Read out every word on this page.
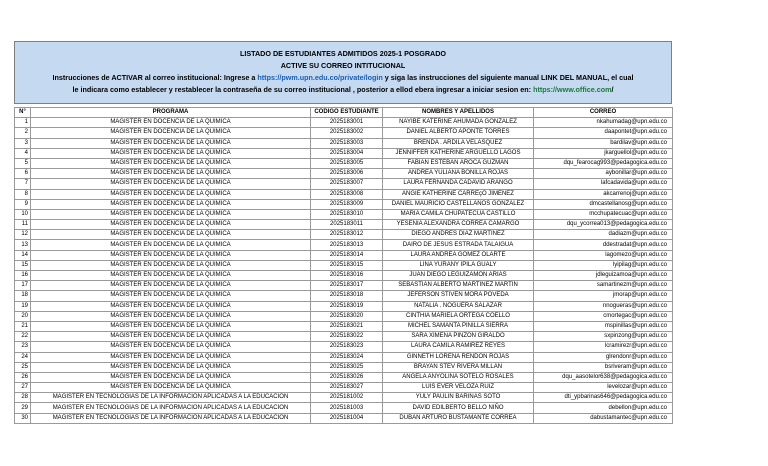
LISTADO DE ESTUDIANTES ADMITIDOS 2025-1 POSGRADO
ACTIVE SU CORREO INTITUCIONAL
Instrucciones de ACTIVAR al correo institucional: Ingrese a https://pwm.upn.edu.co/private/login y siga las instrucciones del siguiente manual LINK DEL MANUAL, el cual
le indicara como establecer y restablecer la contraseña de su correo institucional , posterior a ellod ebera ingresar a iniciar sesion en: https://www.office.com/
N°	PROGRAMA	CÓDIGO ESTUDIANTE	NOMBRES Y APELLIDOS	CORREO
1	MAGISTER EN DOCENCIA DE LA QUIMICA	2025183001	NAYIBE KATERINE AHUMADA GONZALEZ	nkahumadag@upn.edu.co
2	MAGISTER EN DOCENCIA DE LA QUIMICA	2025183002	DANIEL ALBERTO APONTE TORRES	daapontet@upn.edu.co
3	MAGISTER EN DOCENCIA DE LA QUIMICA	2025183003	BRENDA . ARDILA VELASQUEZ	bardilav@upn.edu.co
4	MAGISTER EN DOCENCIA DE LA QUIMICA	2025183004	JENNIFFER KATHERINE ARGUELLO LAGOS	jkarguellol@upn.edu.co
5	MAGISTER EN DOCENCIA DE LA QUIMICA	2025183005	FABIAN ESTEBAN AROCA GUZMAN	dqu_fearocag993@pedagogica.edu.co
6	MAGISTER EN DOCENCIA DE LA QUIMICA	2025183006	ANDREA YULIANA BONILLA ROJAS	aybonillar@upn.edu.co
7	MAGISTER EN DOCENCIA DE LA QUIMICA	2025183007	LAURA FERNANDA CADAVID ARANGO	lafcadavida@upn.edu.co
8	MAGISTER EN DOCENCIA DE LA QUIMICA	2025183008	ANGIE KATHERINE CARREçO JIMENEZ	akcarrenoj@upn.edu.co
9	MAGISTER EN DOCENCIA DE LA QUIMICA	2025183009	DANIEL MAURICIO CASTELLANOS GONZALEZ	dmcastellanosg@upn.edu.co
10	MAGISTER EN DOCENCIA DE LA QUIMICA	2025183010	MARIA CAMILA CHUPATECUA CASTILLO	mcchupatecuac@upn.edu.co
11	MAGISTER EN DOCENCIA DE LA QUIMICA	2025183011	YESENIA ALEXANDRA CORREA CAMARGO	dqu_ycorrea013@pedagogica.edu.co
12	MAGISTER EN DOCENCIA DE LA QUIMICA	2025183012	DIEGO ANDRES DIAZ MARTINEZ	dadiazm@upn.edu.co
13	MAGISTER EN DOCENCIA DE LA QUIMICA	2025183013	DAIRO DE JESUS ESTRADA TALAIGUA	ddestradat@upn.edu.co
14	MAGISTER EN DOCENCIA DE LA QUIMICA	2025183014	LAURA ANDREA GOMEZ OLARTE	lagomezo@upn.edu.co
15	MAGISTER EN DOCENCIA DE LA QUIMICA	2025183015	LINA YURANY IPILA GUALY	lyipilag@upn.edu.co
16	MAGISTER EN DOCENCIA DE LA QUIMICA	2025183016	JUAN DIEGO LEGUIZAMON ARIAS	jdleguizamoa@upn.edu.co
17	MAGISTER EN DOCENCIA DE LA QUIMICA	2025183017	SEBASTIAN ALBERTO MARTINEZ MARTIN	samartinezm@upn.edu.co
18	MAGISTER EN DOCENCIA DE LA QUIMICA	2025183018	JEFERSON STIVEN MORA POVEDA	jmorap@upn.edu.co
19	MAGISTER EN DOCENCIA DE LA QUIMICA	2025183019	NATALIA . NOGUERA SALAZAR	nnogueras@upn.edu.co
20	MAGISTER EN DOCENCIA DE LA QUIMICA	2025183020	CINTHIA MARIELA ORTEGA COELLO	cmortegac@upn.edu.co
21	MAGISTER EN DOCENCIA DE LA QUIMICA	2025183021	MICHEL SAMANTA PINILLA SIERRA	mspinillas@upn.edu.co
22	MAGISTER EN DOCENCIA DE LA QUIMICA	2025183022	SARA XIMENA PINZON GIRALDO	sxpinzong@upn.edu.co
23	MAGISTER EN DOCENCIA DE LA QUIMICA	2025183023	LAURA CAMILA RAMIREZ REYES	lcramirezr@upn.edu.co
24	MAGISTER EN DOCENCIA DE LA QUIMICA	2025183024	GINNETH LORENA RENDON ROJAS	glrendonr@upn.edu.co
25	MAGISTER EN DOCENCIA DE LA QUIMICA	2025183025	BRAYAN STEV RIVERA MILLAN	bsriveram@upn.edu.co
26	MAGISTER EN DOCENCIA DE LA QUIMICA	2025183026	ANGELA ANYOLINA SOTELO ROSALES	dqu_aasotelor638@pedagogica.edu.co
27	MAGISTER EN DOCENCIA DE LA QUIMICA	2025183027	LUIS EVER VELOZA RUIZ	levelozar@upn.edu.co
28	MAGISTER EN TECNOLOGIAS DE LA INFORMACION APLICADAS A LA EDUCACION	2025181002	YULY PAULIN BARINAS SOTO	dti_ypbarinas646@pedagogica.edu.co
29	MAGISTER EN TECNOLOGIAS DE LA INFORMACION APLICADAS A LA EDUCACION	2025181003	DAVID EDILBERTO BELLO NIÑO	debellon@upn.edu.co
30	MAGISTER EN TECNOLOGIAS DE LA INFORMACION APLICADAS A LA EDUCACION	2025181004	DUBAN ARTURO BUSTAMANTE CORREA	dabustamantec@upn.edu.co
